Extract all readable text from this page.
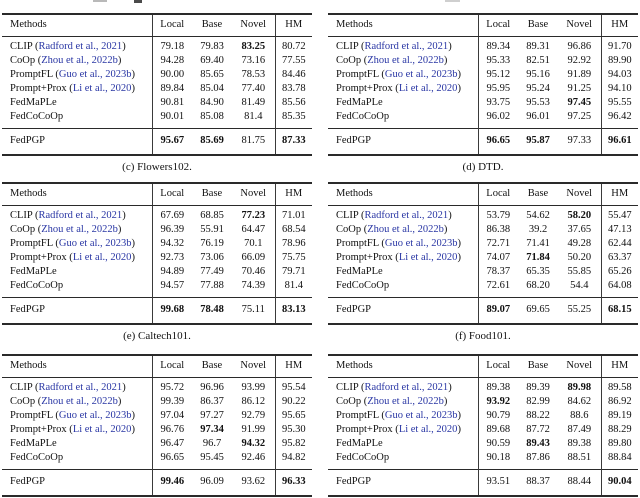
Methods	Local	Base	Novel	HM
CLIP (Radford et al., 2021)	79.18	79.83	83.25	80.72
CoOp (Zhou et al., 2022b)	94.28	69.40	73.16	77.55
PromptFL (Guo et al., 2023b)	90.00	85.65	78.53	84.46
Prompt+Prox (Li et al., 2020)	89.84	85.04	77.40	83.78
FedMaPLe	90.81	84.90	81.49	85.56
FedCoCoOp	90.01	85.08	81.4	85.35
FedPGP	95.67	85.69	81.75	87.33
(c) Flowers102.
Methods	Local	Base	Novel	HM
CLIP (Radford et al., 2021)	89.34	89.31	96.86	91.70
CoOp (Zhou et al., 2022b)	95.33	82.51	92.92	89.90
PromptFL (Guo et al., 2023b)	95.12	95.16	91.89	94.03
Prompt+Prox (Li et al., 2020)	95.95	95.24	91.25	94.10
FedMaPLe	93.75	95.53	97.45	95.55
FedCoCoOp	96.02	96.01	97.25	96.42
FedPGP	96.65	95.87	97.33	96.61
(d) DTD.
Methods	Local	Base	Novel	HM
CLIP (Radford et al., 2021)	67.69	68.85	77.23	71.01
CoOp (Zhou et al., 2022b)	96.39	55.91	64.47	68.54
PromptFL (Guo et al., 2023b)	94.32	76.19	70.1	78.96
Prompt+Prox (Li et al., 2020)	92.73	73.06	66.09	75.75
FedMaPLe	94.89	77.49	70.46	79.71
FedCoCoOp	94.57	77.88	74.39	81.4
FedPGP	99.68	78.48	75.11	83.13
(e) Caltech101.
Methods	Local	Base	Novel	HM
CLIP (Radford et al., 2021)	53.79	54.62	58.20	55.47
CoOp (Zhou et al., 2022b)	86.38	39.2	37.65	47.13
PromptFL (Guo et al., 2023b)	72.71	71.41	49.28	62.44
Prompt+Prox (Li et al., 2020)	74.07	71.84	50.20	63.37
FedMaPLe	78.37	65.35	55.85	65.26
FedCoCoOp	72.61	68.20	54.4	64.08
FedPGP	89.07	69.65	55.25	68.15
(f) Food101.
Methods	Local	Base	Novel	HM
CLIP (Radford et al., 2021)	95.72	96.96	93.99	95.54
CoOp (Zhou et al., 2022b)	99.39	86.37	86.12	90.22
PromptFL (Guo et al., 2023b)	97.04	97.27	92.79	95.65
Prompt+Prox (Li et al., 2020)	96.76	97.34	91.99	95.30
FedMaPLe	96.47	96.7	94.32	95.82
FedCoCoOp	96.65	95.45	92.46	94.82
FedPGP	99.46	96.09	93.62	96.33
Methods	Local	Base	Novel	HM
CLIP (Radford et al., 2021)	89.38	89.39	89.98	89.58
CoOp (Zhou et al., 2022b)	93.92	82.99	84.62	86.92
PromptFL (Guo et al., 2023b)	90.79	88.22	88.6	89.19
Prompt+Prox (Li et al., 2020)	89.68	87.72	87.49	88.29
FedMaPLe	90.59	89.43	89.38	89.80
FedCoCoOp	90.18	87.86	88.51	88.84
FedPGP	93.51	88.37	88.44	90.04
